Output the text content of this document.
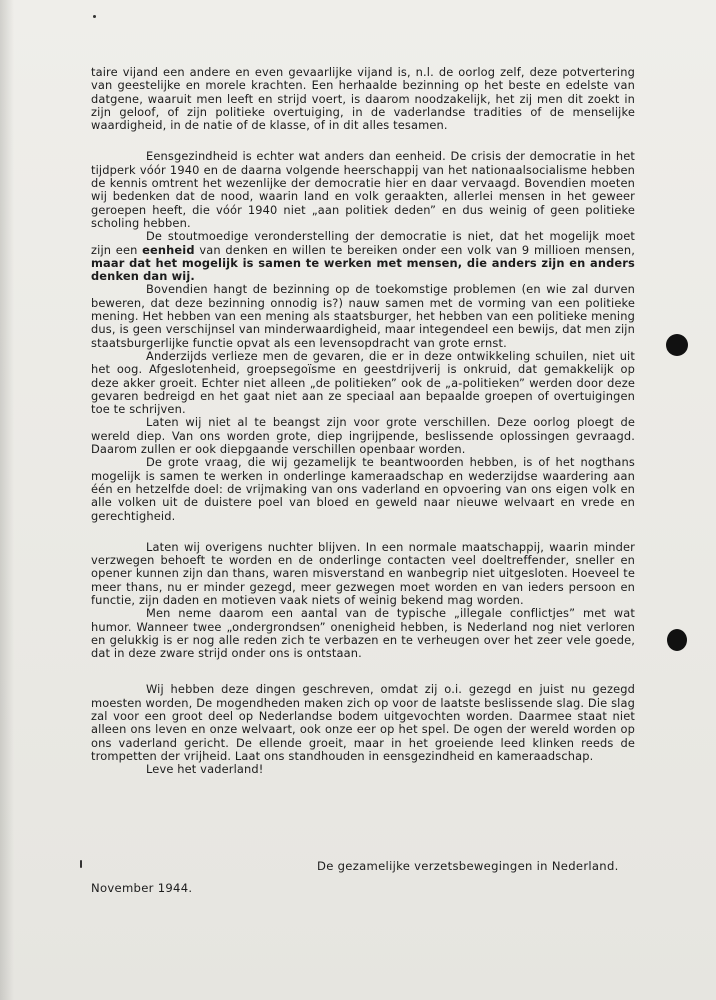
taire vijand een andere en even gevaarlijke vijand is, n.l. de oorlog zelf, deze potvertering van geestelijke en morele krachten. Een herhaalde bezinning op het beste en edelste van datgene, waaruit men leeft en strijd voert, is daarom noodzakelijk, het zij men dit zoekt in zijn geloof, of zijn politieke overtuiging, in de vaderlandse tradities of de menselijke waardigheid, in de natie of de klasse, of in dit alles tesamen.

Eensgezindheid is echter wat anders dan eenheid. De crisis der democratie in het tijdperk vóór 1940 en de daarna volgende heerschappij van het nationaalsocialisme hebben de kennis omtrent het wezenlijke der democratie hier en daar vervaagd. Bovendien moeten wij bedenken dat de nood, waarin land en volk geraakten, allerlei mensen in het geweer geroepen heeft, die vóór 1940 niet „aan politiek deden” en dus weinig of geen politieke scholing hebben.

De stoutmoedige veronderstelling der democratie is niet, dat het mogelijk moet zijn een eenheid van denken en willen te bereiken onder een volk van 9 millioen mensen, maar dat het mogelijk is samen te werken met mensen, die anders zijn en anders denken dan wij.

Bovendien hangt de bezinning op de toekomstige problemen (en wie zal durven beweren, dat deze bezinning onnodig is?) nauw samen met de vorming van een politieke mening. Het hebben van een mening als staatsburger, het hebben van een politieke mening dus, is geen verschijnsel van minderwaardigheid, maar integendeel een bewijs, dat men zijn staatsburgerlijke functie opvat als een levensopdracht van grote ernst.

Anderzijds verlieze men de gevaren, die er in deze ontwikkeling schuilen, niet uit het oog. Afgeslotenheid, groepsegoïsme en geestdrijverij is onkruid, dat gemakkelijk op deze akker groeit. Echter niet alleen „de politieken” ook de „a-politieken” werden door deze gevaren bedreigd en het gaat niet aan ze speciaal aan bepaalde groepen of overtuigingen toe te schrijven.

Laten wij niet al te beangst zijn voor grote verschillen. Deze oorlog ploegt de wereld diep. Van ons worden grote, diep ingrijpende, beslissende oplossingen gevraagd. Daarom zullen er ook diepgaande verschillen openbaar worden.

De grote vraag, die wij gezamelijk te beantwoorden hebben, is of het nogthans mogelijk is samen te werken in onderlinge kameraadschap en wederzijdse waardering aan één en hetzelfde doel: de vrijmaking van ons vaderland en opvoering van ons eigen volk en alle volken uit de duistere poel van bloed en geweld naar nieuwe welvaart en vrede en gerechtigheid.

Laten wij overigens nuchter blijven. In een normale maatschappij, waarin minder verzwegen behoeft te worden en de onderlinge contacten veel doeltreffender, sneller en opener kunnen zijn dan thans, waren misverstand en wanbegrip niet uitgesloten. Hoeveel te meer thans, nu er minder gezegd, meer gezwegen moet worden en van ieders persoon en functie, zijn daden en motieven vaak niets of weinig bekend mag worden.

Men neme daarom een aantal van de typische „illegale conflictjes” met wat humor. Wanneer twee „ondergrondsen” onenigheid hebben, is Nederland nog niet verloren en gelukkig is er nog alle reden zich te verbazen en te verheugen over het zeer vele goede, dat in deze zware strijd onder ons is ontstaan.

Wij hebben deze dingen geschreven, omdat zij o.i. gezegd en juist nu gezegd moesten worden, De mogendheden maken zich op voor de laatste beslissende slag. Die slag zal voor een groot deel op Nederlandse bodem uitgevochten worden. Daarmee staat niet alleen ons leven en onze welvaart, ook onze eer op het spel. De ogen der wereld worden op ons vaderland gericht. De ellende groeit, maar in het groeiende leed klinken reeds de trompetten der vrijheid. Laat ons standhouden in eensgezindheid en kameraadschap.

Leve het vaderland!

De gezamelijke verzetsbewegingen in Nederland.
November 1944.
